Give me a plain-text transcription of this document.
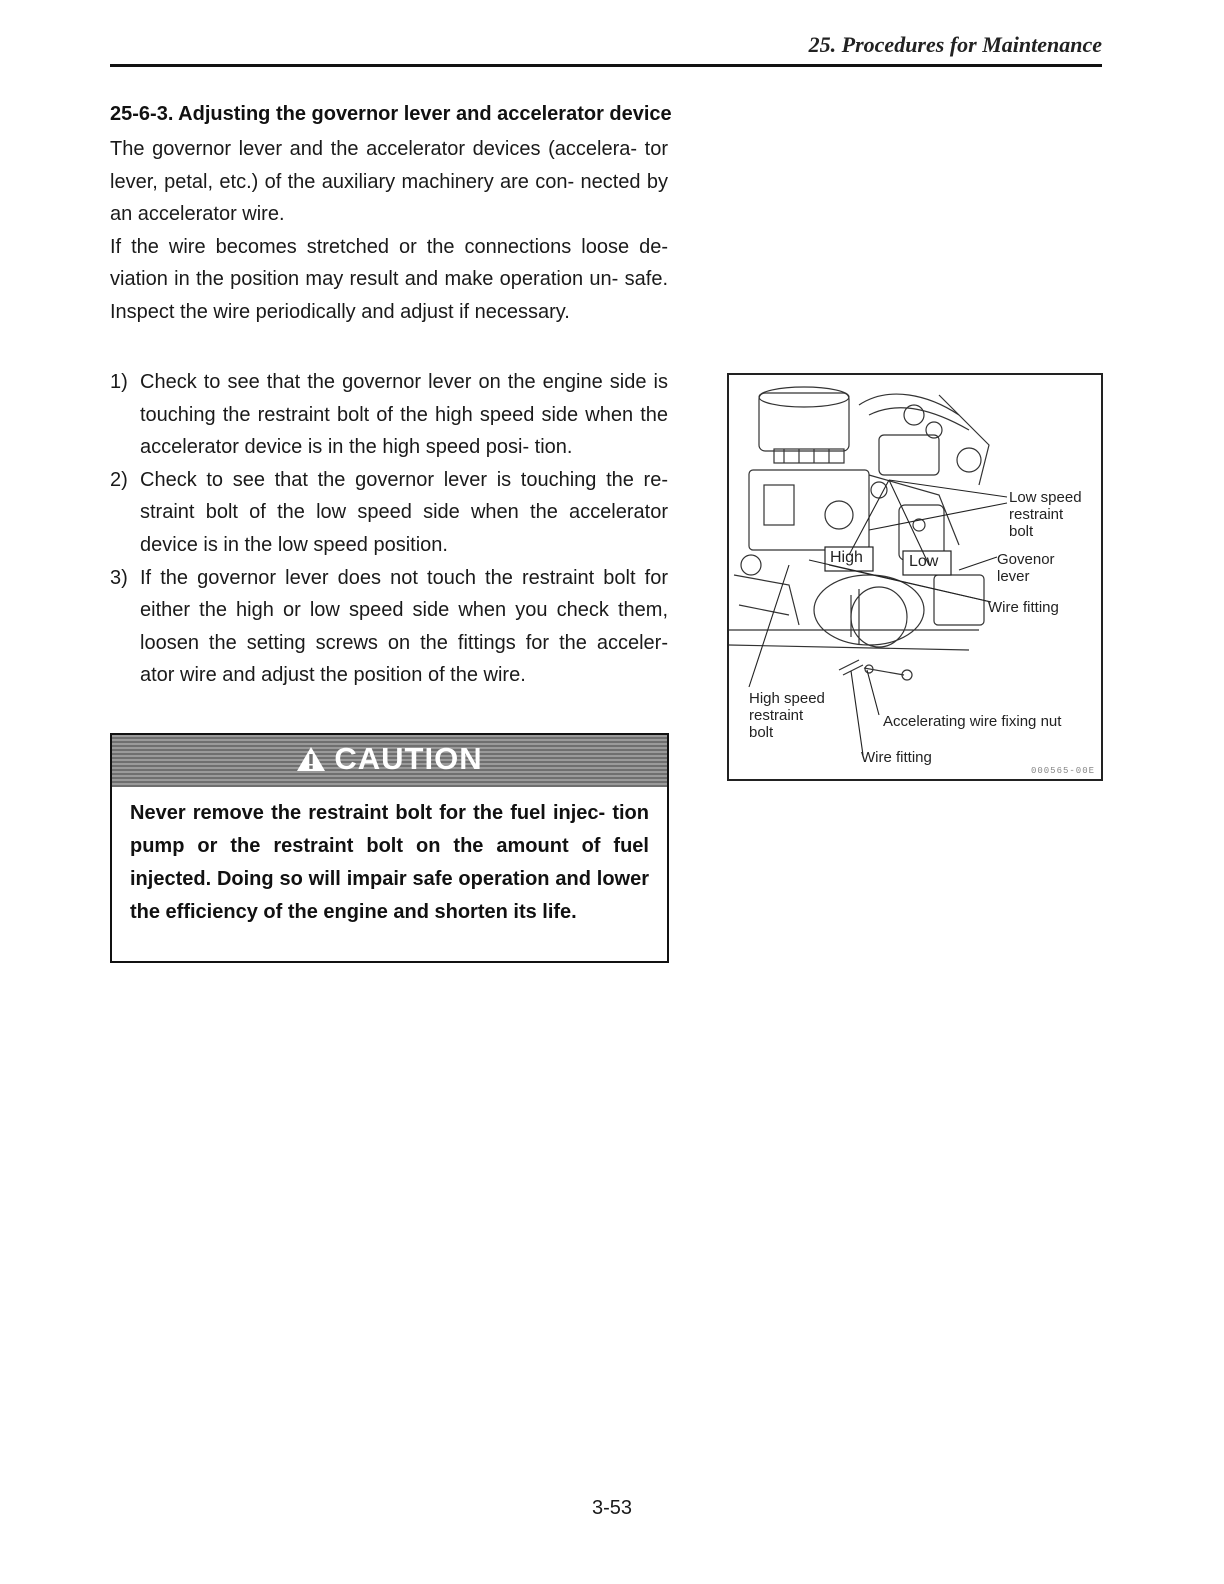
25. Procedures for Maintenance
25-6-3. Adjusting the governor lever and accelerator device

The governor lever and the accelerator devices (accelera- tor lever, petal, etc.) of the auxiliary machinery are con- nected by an accelerator wire.

If the wire becomes stretched or the connections loose de- viation in the position may result and make operation un- safe. Inspect the wire periodically and adjust if necessary.

1) Check to see that the governor lever on the engine side is touching the restraint bolt of the high speed side when the accelerator device is in the high speed posi- tion.
2) Check to see that the governor lever is touching the re- straint bolt of the low speed side when the accelerator device is in the low speed position.
3) If the governor lever does not touch the restraint bolt for either the high or low speed side when you check them, loosen the setting screws on the fittings for the acceler- ator wire and adjust the position of the wire.
CAUTION
Never remove the restraint bolt for the fuel injec- tion pump or the restraint bolt on the amount of fuel injected. Doing so will impair safe operation and lower the efficiency of the engine and shorten its life.
High	Low
Low speed
restraint
bolt
Govenor
lever
Wire fitting
High speed
restraint
bolt
Accelerating wire fixing nut
Wire fitting
000565-00E
3-53
